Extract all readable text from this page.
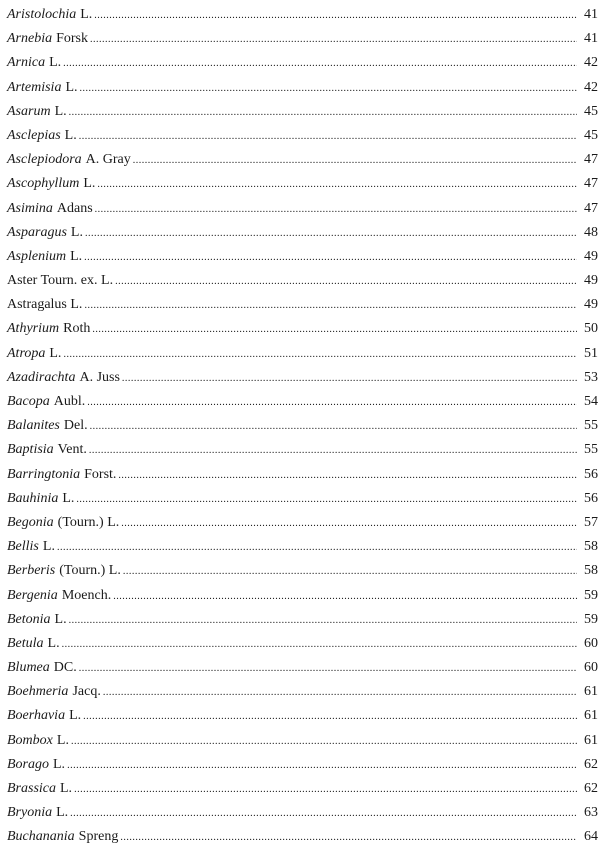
Aristolochia L. .....	41
Arnebia Forsk .....	41
Arnica L. .....	42
Artemisia L. .....	42
Asarum L. .....	45
Asclepias L. .....	45
Asclepiodora A. Gray .....	47
Ascophyllum L. .....	47
Asimina Adans .....	47
Asparagus L. .....	48
Asplenium L. .....	49
Aster Tourn. ex. L. .....	49
Astragalus L. .....	49
Athyrium Roth .....	50
Atropa L. .....	51
Azadirachta A. Juss .....	53
Bacopa Aubl. .....	54
Balanites Del. .....	55
Baptisia Vent. .....	55
Barringtonia Forst. .....	56
Bauhinia L. .....	56
Begonia (Tourn.) L. .....	57
Bellis L. .....	58
Berberis (Tourn.) L. .....	58
Bergenia Moench. .....	59
Betonia L. .....	59
Betula L. .....	60
Blumea DC. .....	60
Boehmeria Jacq. .....	61
Boerhavia L. .....	61
Bombox L. .....	61
Borago L. .....	62
Brassica L. .....	62
Bryonia L. .....	63
Buchanania Spreng .....	64
